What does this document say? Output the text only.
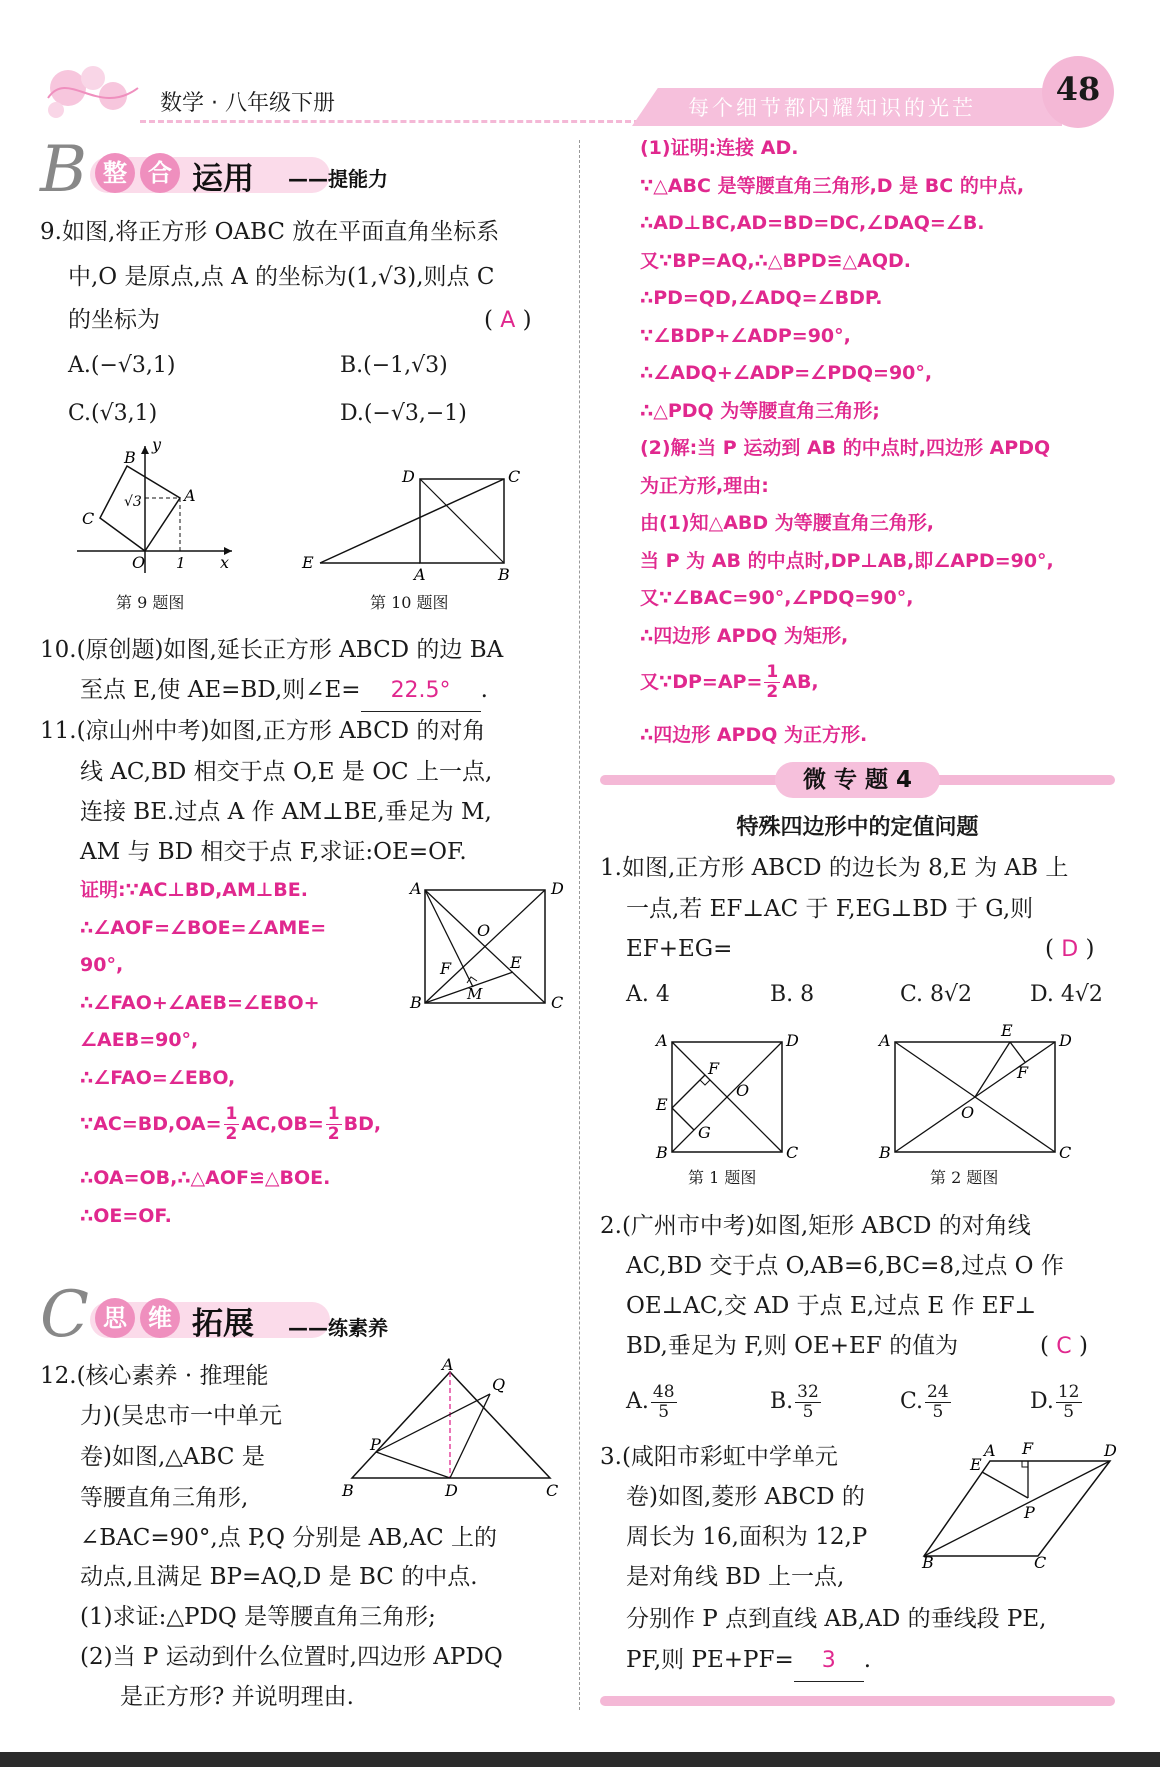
数学 · 八年级下册	每个细节都闪耀知识的光芒	48
B 整 合 运用 ——提能力
9.如图,将正方形 OABC 放在平面直角坐标系
中,O 是原点,点 A 的坐标为(1,√3),则点 C
的坐标为	( A )
A.(−√3,1)	B.(−1,√3)
C.(√3,1)	D.(−√3,−1)
B
y
A
C
O 1 x
√3
第 9 题图
D	C
E
A	B
第 10 题图
10.(原创题)如图,延长正方形 ABCD 的边 BA
至点 E,使 AE=BD,则∠E= 22.5° .
11.(凉山州中考)如图,正方形 ABCD 的对角
线 AC,BD 相交于点 O,E 是 OC 上一点,
连接 BE.过点 A 作 AM⊥BE,垂足为 M,
AM 与 BD 相交于点 F,求证:OE=OF.
证明:∵AC⊥BD,AM⊥BE.
∴∠AOF=∠BOE=∠AME=
90°,
∴∠FAO+∠AEB=∠EBO+
∠AEB=90°,
∴∠FAO=∠EBO,
∵AC=BD,OA= $\frac{1}{2} AC,OB= \frac{1}{2}$ BD,
∴OA=OB,∴△AOF≌△BOE.
∴OE=OF.
A	D
O
F	E
B	M	C
C 思 维 拓展 ——练素养
12.(核心素养 · 推理能
力)(吴忠市一中单元
卷)如图,△ABC 是
等腰直角三角形,
∠BAC=90°,点 P,Q 分别是 AB,AC 上的
动点,且满足 BP=AQ,D 是 BC 的中点.
(1)求证:△PDQ 是等腰直角三角形;
(2)当 P 运动到什么位置时,四边形 APDQ
是正方形? 并说明理由.
A
Q
P
B	D	C
(1)证明:连接 AD.
∵△ABC 是等腰直角三角形,D 是 BC 的中点,
∴AD⊥BC,AD=BD=DC,∠DAQ=∠B.
又∵BP=AQ,∴△BPD≌△AQD.
∴PD=QD,∠ADQ=∠BDP.
∵∠BDP+∠ADP=90°,
∴∠ADQ+∠ADP=∠PDQ=90°,
∴△PDQ 为等腰直角三角形;
(2)解:当 P 运动到 AB 的中点时,四边形 APDQ
为正方形,理由:
由(1)知△ABD 为等腰直角三角形,
当 P 为 AB 的中点时,DP⊥AB,即∠APD=90°,
又∵∠BAC=90°,∠PDQ=90°,
∴四边形 APDQ 为矩形,
又∵DP=AP= $\frac{1}{2}$ AB,
∴四边形 APDQ 为正方形.
微 专 题 4
特殊四边形中的定值问题
1.如图,正方形 ABCD 的边长为 8,E 为 AB 上
一点,若 EF⊥AC 于 F,EG⊥BD 于 G,则
EF+EG=	( D )
A. 4	B. 8	C. 8√2	D. 4√2
A	D
F
O
E
G
B	C
第 1 题图
A
E
D
F
O
B	C
第 2 题图
2.(广州市中考)如图,矩形 ABCD 的对角线
AC,BD 交于点 O,AB=6,BC=8,过点 O 作
OE⊥AC,交 AD 于点 E,过点 E 作 EF⊥
BD,垂足为 F,则 OE+EF 的值为	( C )
A. $\frac{48}{5}$	B. $\frac{32}{5}$	C. $\frac{24}{5}$	D. $\frac{12}{5}$
3.(咸阳市彩虹中学单元
卷)如图,菱形 ABCD 的
周长为 16,面积为 12,P
是对角线 BD 上一点,
分别作 P 点到直线 AB,AD 的垂线段 PE,
PF,则 PE+PF= 3 .
A F	D
E
P
B	C
